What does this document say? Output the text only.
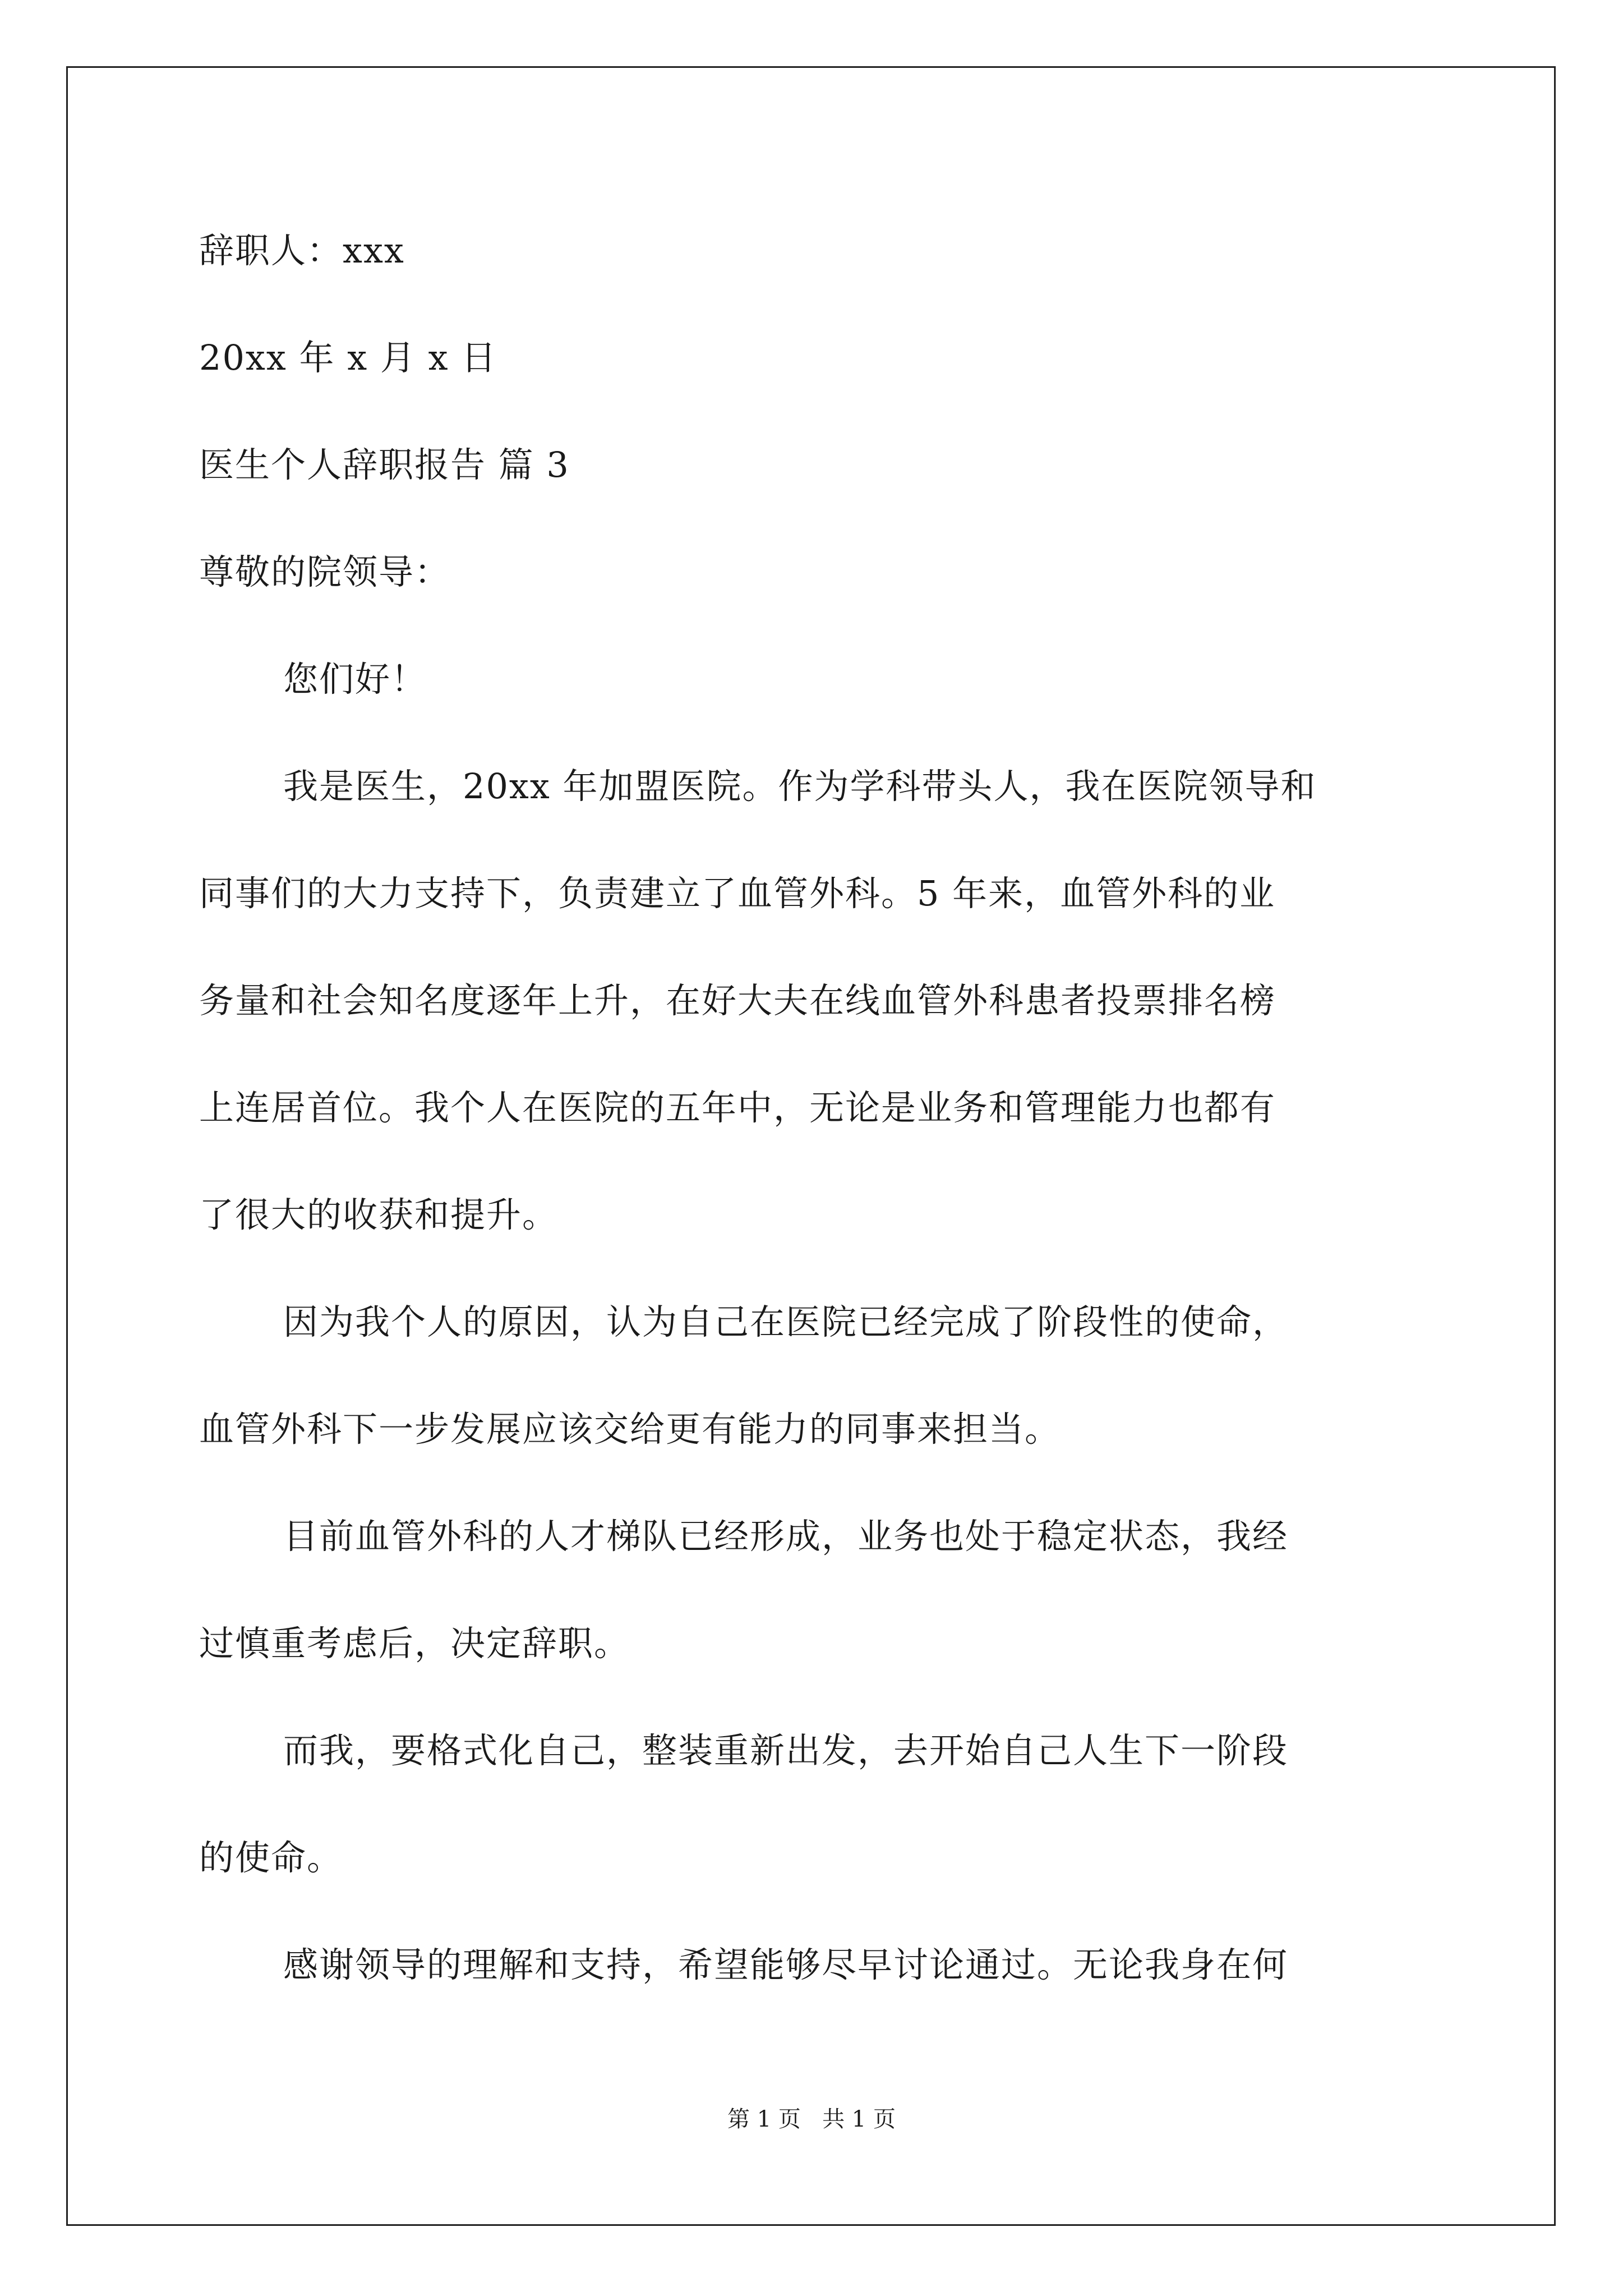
辞职人：xxx
20xx 年 x 月 x 日
医生个人辞职报告 篇 3
尊敬的院领导：
您们好！
我是医生，20xx 年加盟医院。作为学科带头人，我在医院领导和
同事们的大力支持下，负责建立了血管外科。5 年来，血管外科的业
务量和社会知名度逐年上升，在好大夫在线血管外科患者投票排名榜
上连居首位。我个人在医院的五年中，无论是业务和管理能力也都有
了很大的收获和提升。
因为我个人的原因，认为自己在医院已经完成了阶段性的使命，
血管外科下一步发展应该交给更有能力的同事来担当。
目前血管外科的人才梯队已经形成，业务也处于稳定状态，我经
过慎重考虑后，决定辞职。
而我，要格式化自己，整装重新出发，去开始自己人生下一阶段
的使命。
感谢领导的理解和支持，希望能够尽早讨论通过。无论我身在何
第 1 页   共 1 页
